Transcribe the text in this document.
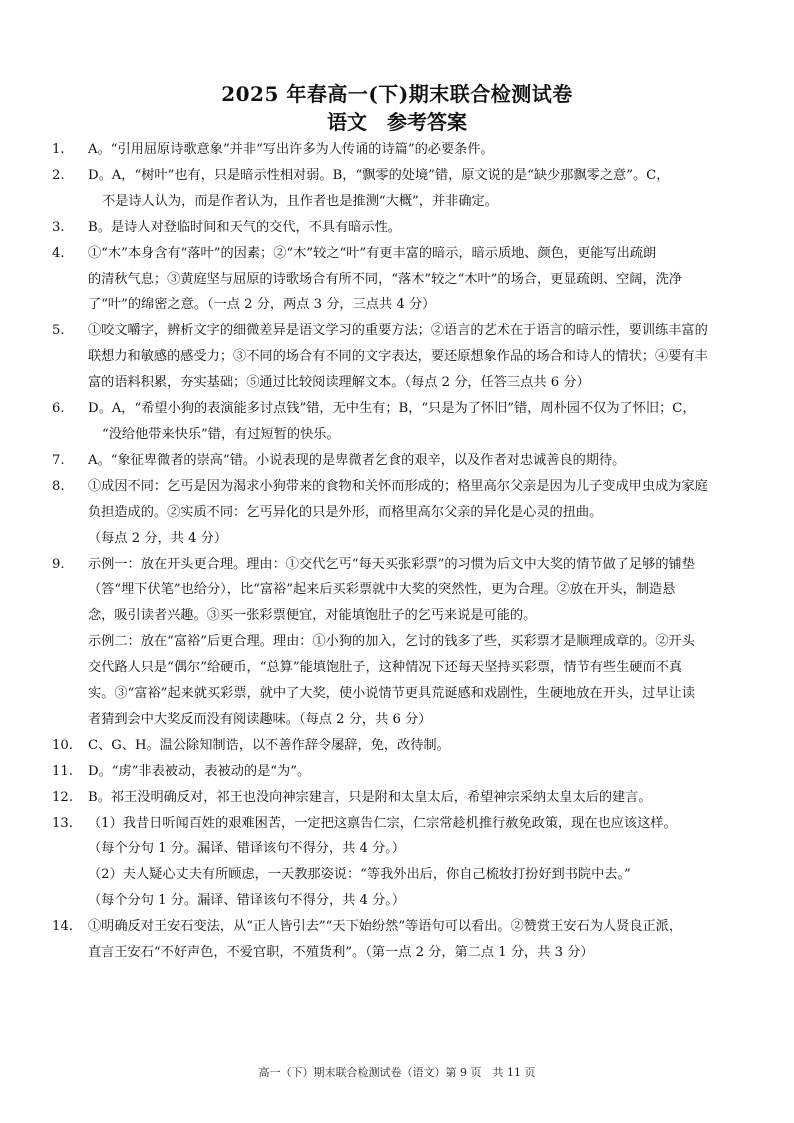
2025 年春高一(下)期末联合检测试卷
语文　参考答案
1.	A。“引用屈原诗歌意象”并非“写出许多为人传诵的诗篇”的必要条件。
2.	D。A，“树叶”也有，只是暗示性相对弱。B，“飘零的处境”错，原文说的是“缺少那飘零之意”。C，
不是诗人认为，而是作者认为，且作者也是推测“大概”，并非确定。
3.	B。是诗人对登临时间和天气的交代，不具有暗示性。
4.	①“木”本身含有“落叶”的因素；②“木”较之“叶”有更丰富的暗示，暗示质地、颜色，更能写出疏朗
的清秋气息；③黄庭坚与屈原的诗歌场合有所不同，“落木”较之“木叶”的场合，更显疏朗、空阔，洗净
了“叶”的绵密之意。（一点 2 分，两点 3 分，三点共 4 分）
5.	①咬文嚼字，辨析文字的细微差异是语文学习的重要方法；②语言的艺术在于语言的暗示性，要训练丰富的
联想力和敏感的感受力；③不同的场合有不同的文字表达，要还原想象作品的场合和诗人的情状；④要有丰
富的语料积累，夯实基础；⑤通过比较阅读理解文本。（每点 2 分，任答三点共 6 分）
6.	D。A，“希望小狗的表演能多讨点钱”错，无中生有；B，“只是为了怀旧”错，周朴园不仅为了怀旧；C，
“没给他带来快乐”错，有过短暂的快乐。
7.	A。“象征卑微者的崇高”错。小说表现的是卑微者乞食的艰辛，以及作者对忠诚善良的期待。
8.	①成因不同：乞丐是因为渴求小狗带来的食物和关怀而形成的；格里高尔父亲是因为儿子变成甲虫成为家庭
负担造成的。②实质不同：乞丐异化的只是外形，而格里高尔父亲的异化是心灵的扭曲。
（每点 2 分，共 4 分）
9.	示例一：放在开头更合理。理由：①交代乞丐“每天买张彩票”的习惯为后文中大奖的情节做了足够的铺垫
（答“埋下伏笔”也给分），比“富裕”起来后买彩票就中大奖的突然性，更为合理。②放在开头，制造悬
念，吸引读者兴趣。③买一张彩票便宜，对能填饱肚子的乞丐来说是可能的。
示例二：放在“富裕”后更合理。理由：①小狗的加入，乞讨的钱多了些，买彩票才是顺理成章的。②开头
交代路人只是“偶尔”给硬币，“总算”能填饱肚子，这种情况下还每天坚持买彩票，情节有些生硬而不真
实。③“富裕”起来就买彩票，就中了大奖，使小说情节更具荒诞感和戏剧性，生硬地放在开头，过早让读
者猜到会中大奖反而没有阅读趣味。（每点 2 分，共 6 分）
10.	C、G、H。温公除知制诰，以不善作辞令屡辞，免，改待制。
11.	D。“虏”非表被动，表被动的是“为”。
12.	B。祁王没明确反对，祁王也没向神宗建言，只是附和太皇太后，希望神宗采纳太皇太后的建言。
13.	（1）我昔日听闻百姓的艰难困苦，一定把这禀告仁宗，仁宗常趁机推行赦免政策，现在也应该这样。
（每个分句 1 分。漏译、错译该句不得分，共 4 分。）
（2）夫人疑心丈夫有所顾虑，一天教那姿说：“等我外出后，你自己梳妆打扮好到书院中去。”
（每个分句 1 分。漏译、错译该句不得分，共 4 分。）
14.	①明确反对王安石变法，从“正人皆引去”“天下始纷然”等语句可以看出。②赞赏王安石为人贤良正派，
直言王安石“不好声色，不爱官职，不殖货利”。（第一点 2 分，第二点 1 分，共 3 分）
高一（下）期末联合检测试卷（语文）第 9 页　共 11 页
